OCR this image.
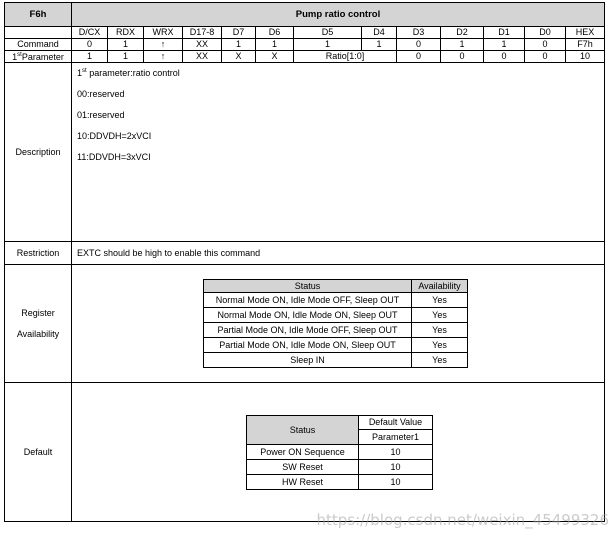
F6h	Pump ratio control
	D/CX	RDX	WRX	D17-8	D7	D6	D5	D4	D3	D2	D1	D0	HEX
Command	0	1	↑	XX	1	1	1	1	0	1	1	0	F7h
1stParameter	1	1	↑	XX	X	X	Ratio[1:0]	0	0	0	0	10
Description	

1st parameter:ratio control

00:reserved

01:reserved

10:DDVDH=2xVCI

11:DDVDH=3xVCI

Restriction	EXTC should be high to enable this command
Register
Availability	
Status	Availability
Normal Mode ON, Idle Mode OFF, Sleep OUT	Yes
Normal Mode ON, Idle Mode ON, Sleep OUT	Yes
Partial Mode ON, Idle Mode OFF, Sleep OUT	Yes
Partial Mode ON, Idle Mode ON, Sleep OUT	Yes
Sleep IN	Yes

Default	
Status	Default Value
Parameter1
Power ON Sequence	10
SW Reset	10
HW Reset	10
https://blog.csdn.net/weixin_45499326
